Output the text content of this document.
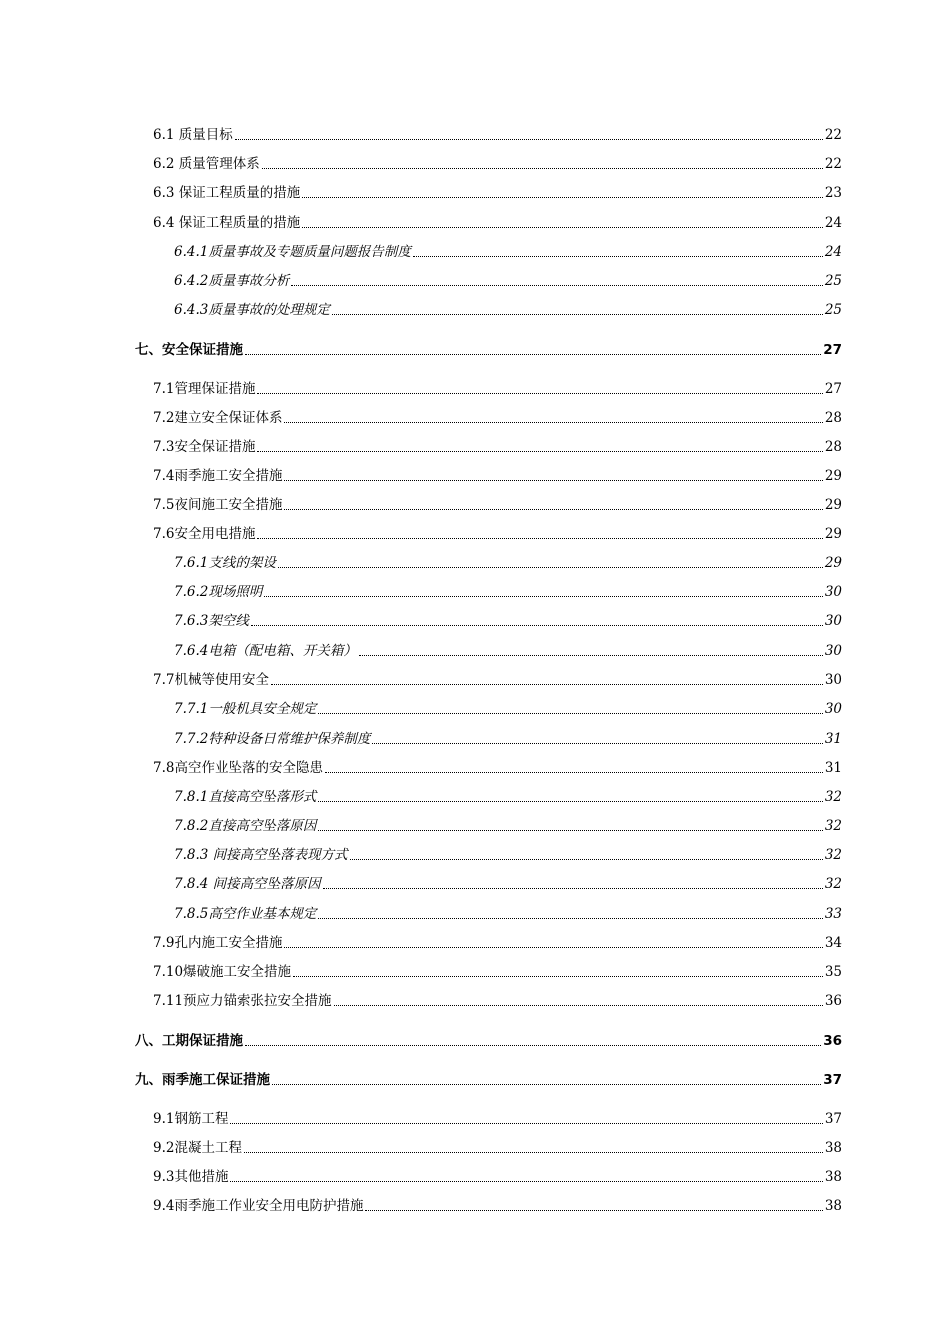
6.1 质量目标	22
6.2 质量管理体系	22
6.3 保证工程质量的措施	23
6.4 保证工程质量的措施	24
6.4.1质量事故及专题质量问题报告制度	24
6.4.2质量事故分析	25
6.4.3质量事故的处理规定	25
七、安全保证措施	27
7.1管理保证措施	27
7.2建立安全保证体系	28
7.3安全保证措施	28
7.4雨季施工安全措施	29
7.5夜间施工安全措施	29
7.6安全用电措施	29
7.6.1支线的架设	29
7.6.2现场照明	30
7.6.3架空线	30
7.6.4电箱（配电箱、开关箱）	30
7.7机械等使用安全	30
7.7.1一般机具安全规定	30
7.7.2特种设备日常维护保养制度	31
7.8高空作业坠落的安全隐患	31
7.8.1直接高空坠落形式	32
7.8.2直接高空坠落原因	32
7.8.3 间接高空坠落表现方式	32
7.8.4 间接高空坠落原因	32
7.8.5高空作业基本规定	33
7.9孔内施工安全措施	34
7.10爆破施工安全措施	35
7.11预应力锚索张拉安全措施	36
八、工期保证措施	36
九、雨季施工保证措施	37
9.1钢筋工程	37
9.2混凝土工程	38
9.3其他措施	38
9.4雨季施工作业安全用电防护措施	38
